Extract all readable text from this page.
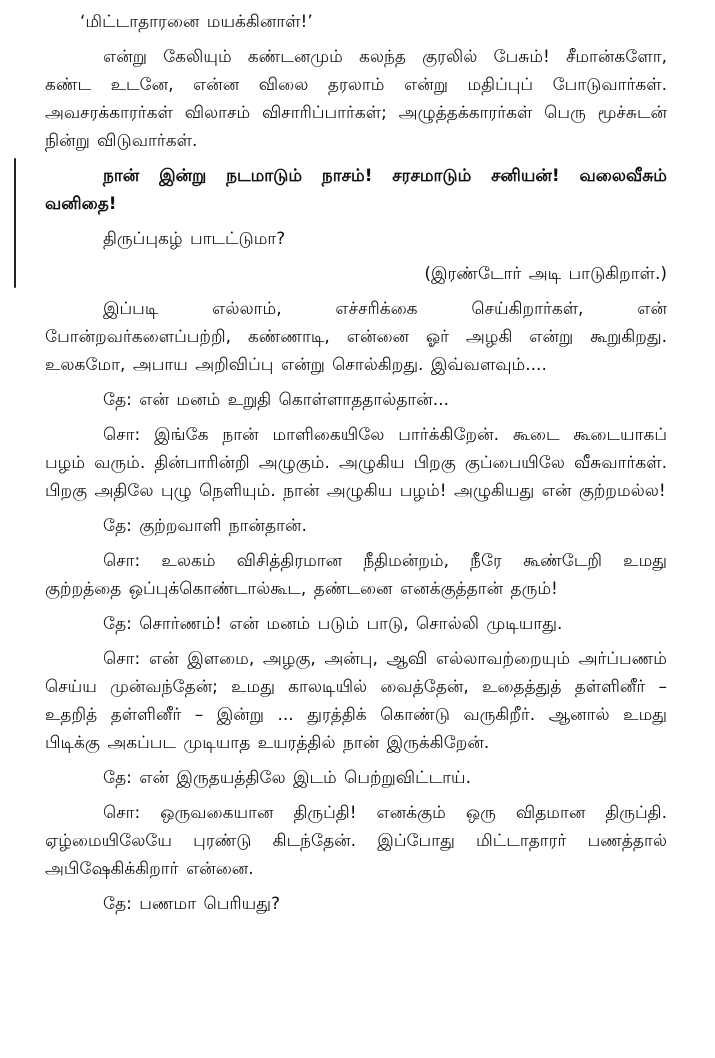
‘மிட்டாதாரனை மயக்கினாள்!’

என்று கேலியும் கண்டனமும் கலந்த குரலில் பேசும்! சீமான்களோ, கண்ட உடனே, என்ன விலை தரலாம் என்று மதிப்புப் போடுவார்கள். அவசரக்காரர்கள் விலாசம் விசாரிப்பார்கள்; அழுத்தக்காரர்கள் பெரு மூச்சுடன் நின்று விடுவார்கள்.

நான் இன்று நடமாடும் நாசம்! சரசமாடும் சனியன்! வலைவீசும் வனிதை!

திருப்புகழ் பாடட்டுமா?

(இரண்டோர் அடி பாடுகிறாள்.)

இப்படி எல்லாம், எச்சரிக்கை செய்கிறார்கள், என் போன்றவர்களைப்பற்றி, கண்ணாடி, என்னை ஓர் அழகி என்று கூறுகிறது. உலகமோ, அபாய அறிவிப்பு என்று சொல்கிறது. இவ்வளவும்....

தே: என் மனம் உறுதி கொள்ளாததால்தான்...

சொ: இங்கே நான் மாளிகையிலே பார்க்கிறேன். கூடை கூடையாகப் பழம் வரும். தின்பாரின்றி அழுகும். அழுகிய பிறகு குப்பையிலே வீசுவார்கள். பிறகு அதிலே புழு நெளியும். நான் அழுகிய பழம்! அழுகியது என் குற்றமல்ல!

தே: குற்றவாளி நான்தான்.

சொ: உலகம் விசித்திரமான நீதிமன்றம், நீரே கூண்டேறி உமது குற்றத்தை ஒப்புக்கொண்டால்கூட, தண்டனை எனக்குத்தான் தரும்!

தே: சொர்ணம்! என் மனம் படும் பாடு, சொல்லி முடியாது.

சொ: என் இளமை, அழகு, அன்பு, ஆவி எல்லாவற்றையும் அர்ப்பணம் செய்ய முன்வந்தேன்; உமது காலடியில் வைத்தேன், உதைத்துத் தள்ளினீர் – உதறித் தள்ளினீர் – இன்று ... துரத்திக் கொண்டு வருகிறீர். ஆனால் உமது பிடிக்கு அகப்பட முடியாத உயரத்தில் நான் இருக்கிறேன்.

தே: என் இருதயத்திலே இடம் பெற்றுவிட்டாய்.

சொ: ஒருவகையான திருப்தி! எனக்கும் ஒரு விதமான திருப்தி. ஏழ்மையிலேயே புரண்டு கிடந்தேன். இப்போது மிட்டாதாரர் பணத்தால் அபிஷேகிக்கிறார் என்னை.

தே: பணமா பெரியது?
